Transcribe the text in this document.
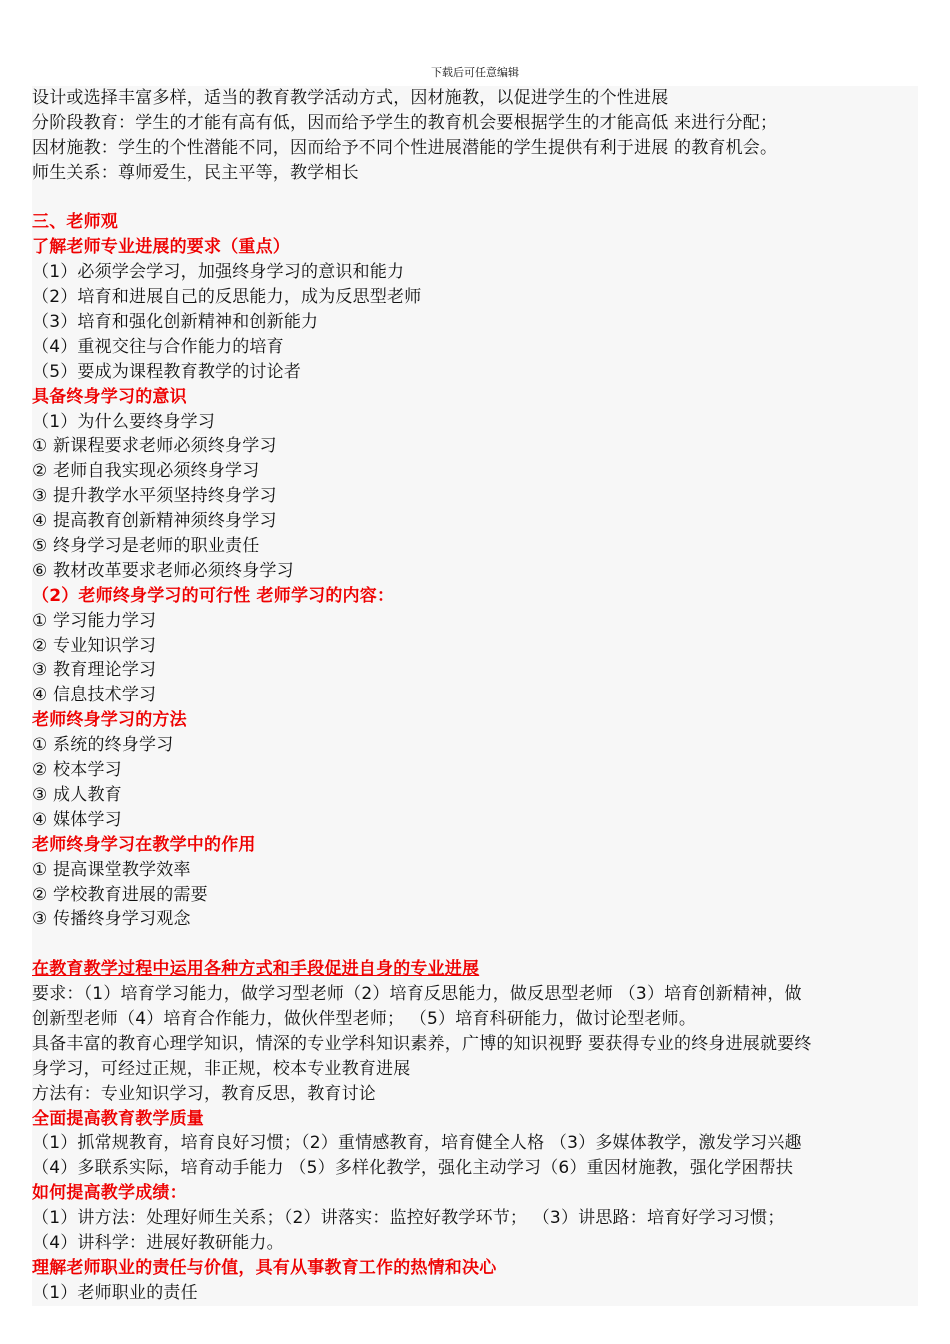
下载后可任意编辑
设计或选择丰富多样，适当的教育教学活动方式，因材施教，以促进学生的个性进展
分阶段教育：学生的才能有高有低，因而给予学生的教育机会要根据学生的才能高低 来进行分配；
因材施教：学生的个性潜能不同，因而给予不同个性进展潜能的学生提供有利于进展 的教育机会。
师生关系：尊师爱生，民主平等，教学相长
三、老师观
了解老师专业进展的要求（重点）
（1）必须学会学习，加强终身学习的意识和能力
（2）培育和进展自己的反思能力，成为反思型老师
（3）培育和强化创新精神和创新能力
（4）重视交往与合作能力的培育
（5）要成为课程教育教学的讨论者
具备终身学习的意识
（1）为什么要终身学习
① 新课程要求老师必须终身学习
② 老师自我实现必须终身学习
③ 提升教学水平须坚持终身学习
④ 提高教育创新精神须终身学习
⑤ 终身学习是老师的职业责任
⑥ 教材改革要求老师必须终身学习
（2）老师终身学习的可行性 老师学习的内容：
① 学习能力学习
② 专业知识学习
③ 教育理论学习
④ 信息技术学习
老师终身学习的方法
① 系统的终身学习
② 校本学习
③ 成人教育
④ 媒体学习
老师终身学习在教学中的作用
① 提高课堂教学效率
② 学校教育进展的需要
③ 传播终身学习观念
在教育教学过程中运用各种方式和手段促进自身的专业进展
要求：（1）培育学习能力，做学习型老师（2）培育反思能力，做反思型老师 （3）培育创新精神，做
创新型老师（4）培育合作能力，做伙伴型老师； （5）培育科研能力，做讨论型老师。
具备丰富的教育心理学知识，情深的专业学科知识素养，广博的知识视野 要获得专业的终身进展就要终
身学习，可经过正规，非正规，校本专业教育进展
方法有：专业知识学习，教育反思，教育讨论
全面提高教育教学质量
（1）抓常规教育，培育良好习惯；（2）重情感教育，培育健全人格 （3）多媒体教学，激发学习兴趣
（4）多联系实际，培育动手能力 （5）多样化教学，强化主动学习（6）重因材施教，强化学困帮扶
如何提高教学成绩：
（1）讲方法：处理好师生关系；（2）讲落实：监控好教学环节； （3）讲思路：培育好学习习惯；
（4）讲科学：进展好教研能力。
理解老师职业的责任与价值，具有从事教育工作的热情和决心
（1）老师职业的责任
